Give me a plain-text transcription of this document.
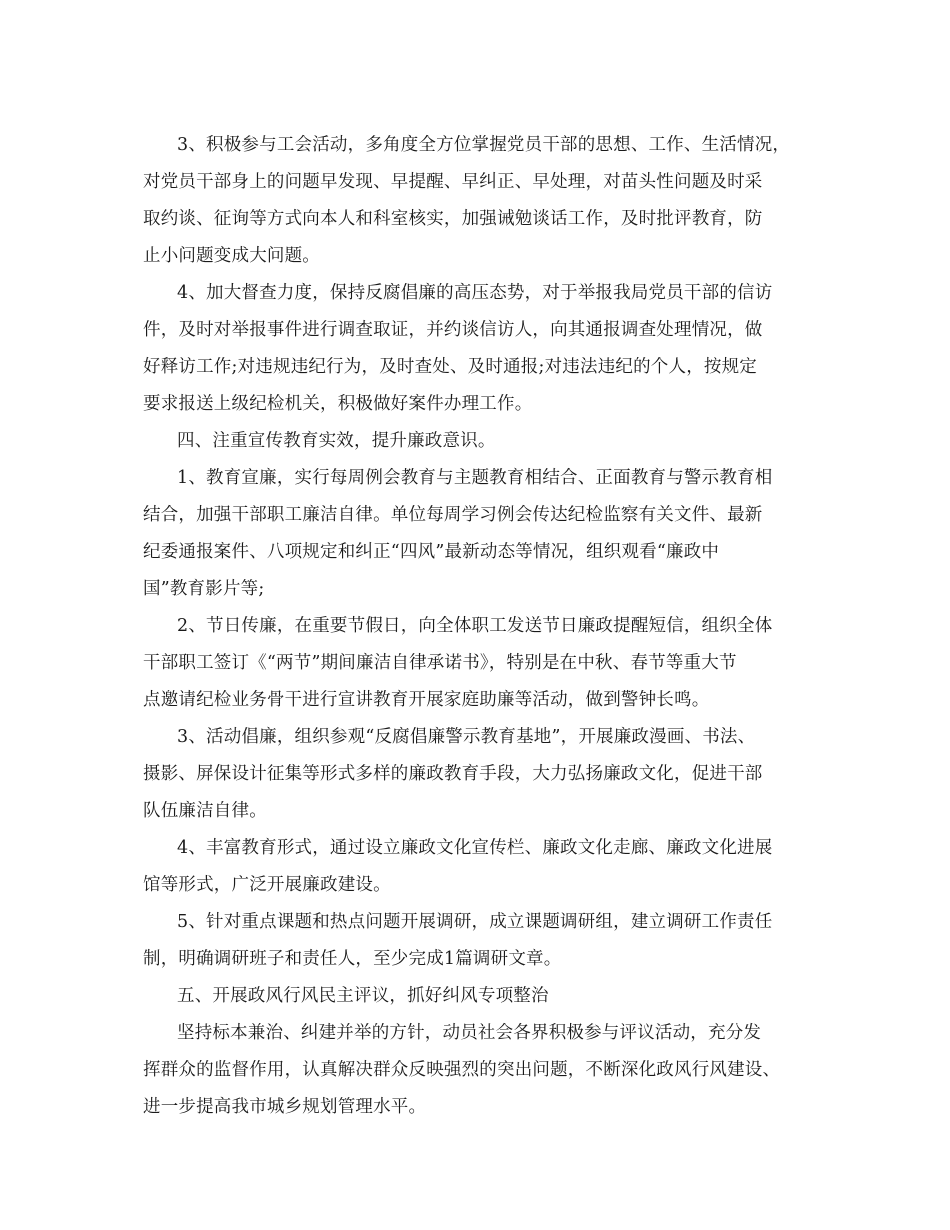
3、积极参与工会活动，多角度全方位掌握党员干部的思想、工作、生活情况，

对党员干部身上的问题早发现、早提醒、早纠正、早处理，对苗头性问题及时采

取约谈、征询等方式向本人和科室核实，加强诫勉谈话工作，及时批评教育，防

止小问题变成大问题。

4、加大督查力度，保持反腐倡廉的高压态势，对于举报我局党员干部的信访

件，及时对举报事件进行调查取证，并约谈信访人，向其通报调查处理情况，做

好释访工作;对违规违纪行为，及时查处、及时通报;对违法违纪的个人，按规定

要求报送上级纪检机关，积极做好案件办理工作。

四、注重宣传教育实效，提升廉政意识。

1、教育宣廉，实行每周例会教育与主题教育相结合、正面教育与警示教育相

结合，加强干部职工廉洁自律。单位每周学习例会传达纪检监察有关文件、最新

纪委通报案件、八项规定和纠正“四风”最新动态等情况，组织观看“廉政中

国”教育影片等;

2、节日传廉，在重要节假日，向全体职工发送节日廉政提醒短信，组织全体

干部职工签订《“两节”期间廉洁自律承诺书》，特别是在中秋、春节等重大节

点邀请纪检业务骨干进行宣讲教育开展家庭助廉等活动，做到警钟长鸣。

3、活动倡廉，组织参观“反腐倡廉警示教育基地”，开展廉政漫画、书法、

摄影、屏保设计征集等形式多样的廉政教育手段，大力弘扬廉政文化，促进干部

队伍廉洁自律。

4、丰富教育形式，通过设立廉政文化宣传栏、廉政文化走廊、廉政文化进展

馆等形式，广泛开展廉政建设。

5、针对重点课题和热点问题开展调研，成立课题调研组，建立调研工作责任

制，明确调研班子和责任人，至少完成1篇调研文章。

五、开展政风行风民主评议，抓好纠风专项整治

坚持标本兼治、纠建并举的方针，动员社会各界积极参与评议活动，充分发

挥群众的监督作用，认真解决群众反映强烈的突出问题，不断深化政风行风建设、

进一步提高我市城乡规划管理水平。
